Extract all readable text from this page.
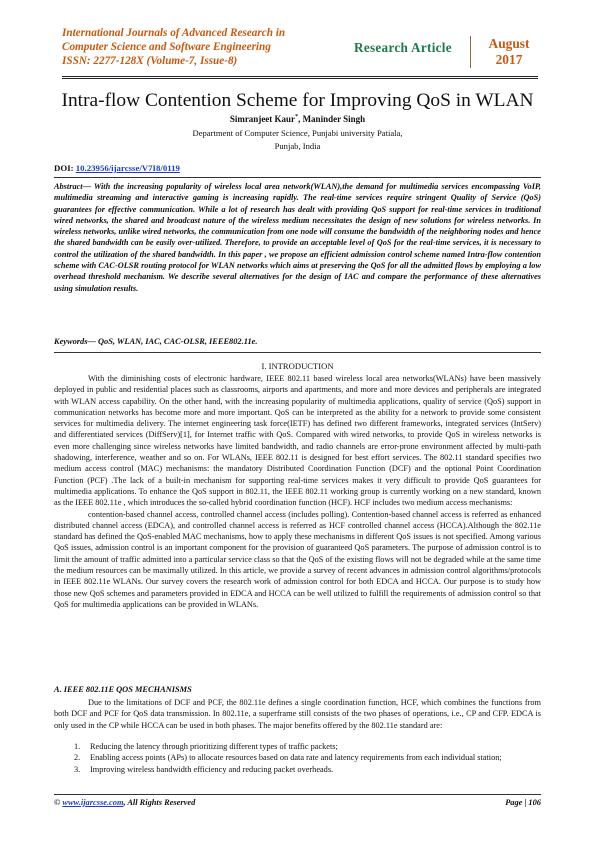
International Journals of Advanced Research in
Computer Science and Software Engineering
ISSN: 2277-128X (Volume-7, Issue-8)
Research Article	August
2017
Intra-flow Contention Scheme for Improving QoS in WLAN
Simranjeet Kaur*, Maninder Singh
Department of Computer Science, Punjabi university Patiala,
Punjab, India
DOI: 10.23956/ijarcsse/V7I8/0119
Abstract— With the increasing popularity of wireless local area network(WLAN),the demand for multimedia services encompassing VoIP, multimedia streaming and interactive gaming is increasing rapidly. The real-time services require stringent Quality of Service (QoS) guarantees for effective communication. While a lot of research has dealt with providing QoS support for real-time services in traditional wired networks, the shared and broadcast nature of the wireless medium necessitates the design of new solutions for wireless networks. In wireless networks, unlike wired networks, the communication from one node will consume the bandwidth of the neighboring nodes and hence the shared bandwidth can be easily over-utilized. Therefore, to provide an acceptable level of QoS for the real-time services, it is necessary to control the utilization of the shared bandwidth. In this paper , we propose an efficient admission control scheme named Intra-flow contention scheme with CAC-OLSR routing protocol for WLAN networks which aims at preserving the QoS for all the admitted flows by employing a low overhead threshold mechanism. We describe several alternatives for the design of IAC and compare the performance of these alternatives using simulation results.
Keywords— QoS, WLAN, IAC, CAC-OLSR, IEEE802.11e.
I. INTRODUCTION

With the diminishing costs of electronic hardware, IEEE 802.11 based wireless local area networks(WLANs) have been massively deployed in public and residential places such as classrooms, airports and apartments, and more and more devices and peripherals are integrated with WLAN access capability. On the other hand, with the increasing popularity of multimedia applications, quality of service (QoS) support in communication networks has become more and more important. QoS can be interpreted as the ability for a network to provide some consistent services for multimedia delivery. The internet engineering task force(IETF) has defined two different frameworks, integrated services (IntServ) and differentiated services (DiffServ)[1], for Internet traffic with QoS. Compared with wired networks, to provide QoS in wireless networks is even more challenging since wireless networks have limited bandwidth, and radio channels are error-prone environment affected by multi-path shadowing, interference, weather and so on. For WLANs, IEEE 802.11 is designed for best effort services. The 802.11 standard specifies two medium access control (MAC) mechanisms: the mandatory Distributed Coordination Function (DCF) and the optional Point Coordination Function (PCF) .The lack of a built-in mechanism for supporting real-time services makes it very difficult to provide QoS guarantees for multimedia applications. To enhance the QoS support in 802.11, the IEEE 802.11 working group is currently working on a new standard, known as the IEEE 802.11e , which introduces the so-called hybrid coordination function (HCF). HCF includes two medium access mechanisms:

contention-based channel access, controlled channel access (includes polling). Contention-based channel access is referred as enhanced distributed channel access (EDCA), and controlled channel access is referred as HCF controlled channel access (HCCA).Although the 802.11e standard has defined the QoS-enabled MAC mechanisms, how to apply these mechanisms in different QoS issues is not specified. Among various QoS issues, admission control is an important component for the provision of guaranteed QoS parameters. The purpose of admission control is to limit the amount of traffic admitted into a particular service class so that the QoS of the existing flows will not be degraded while at the same time the medium resources can be maximally utilized. In this article, we provide a survey of recent advances in admission control algorithms/protocols in IEEE 802.11e WLANs. Our survey covers the research work of admission control for both EDCA and HCCA. Our purpose is to study how those new QoS schemes and parameters provided in EDCA and HCCA can be well utilized to fulfill the requirements of admission control so that QoS for multimedia applications can be provided in WLANs.

A. IEEE 802.11E QOS MECHANISMS

Due to the limitations of DCF and PCF, the 802.11e defines a single coordination function, HCF, which combines the functions from both DCF and PCF for QoS data transmission. In 802.11e, a superframe still consists of the two phases of operations, i.e., CP and CFP. EDCA is only used in the CP while HCCA can be used in both phases. The major benefits offered by the 802.11e standard are:

1. Reducing the latency through prioritizing different types of traffic packets;
2. Enabling access points (APs) to allocate resources based on data rate and latency requirements from each individual station;
3. Improving wireless bandwidth efficiency and reducing packet overheads.
© www.ijarcsse.com, All Rights Reserved	Page | 106
